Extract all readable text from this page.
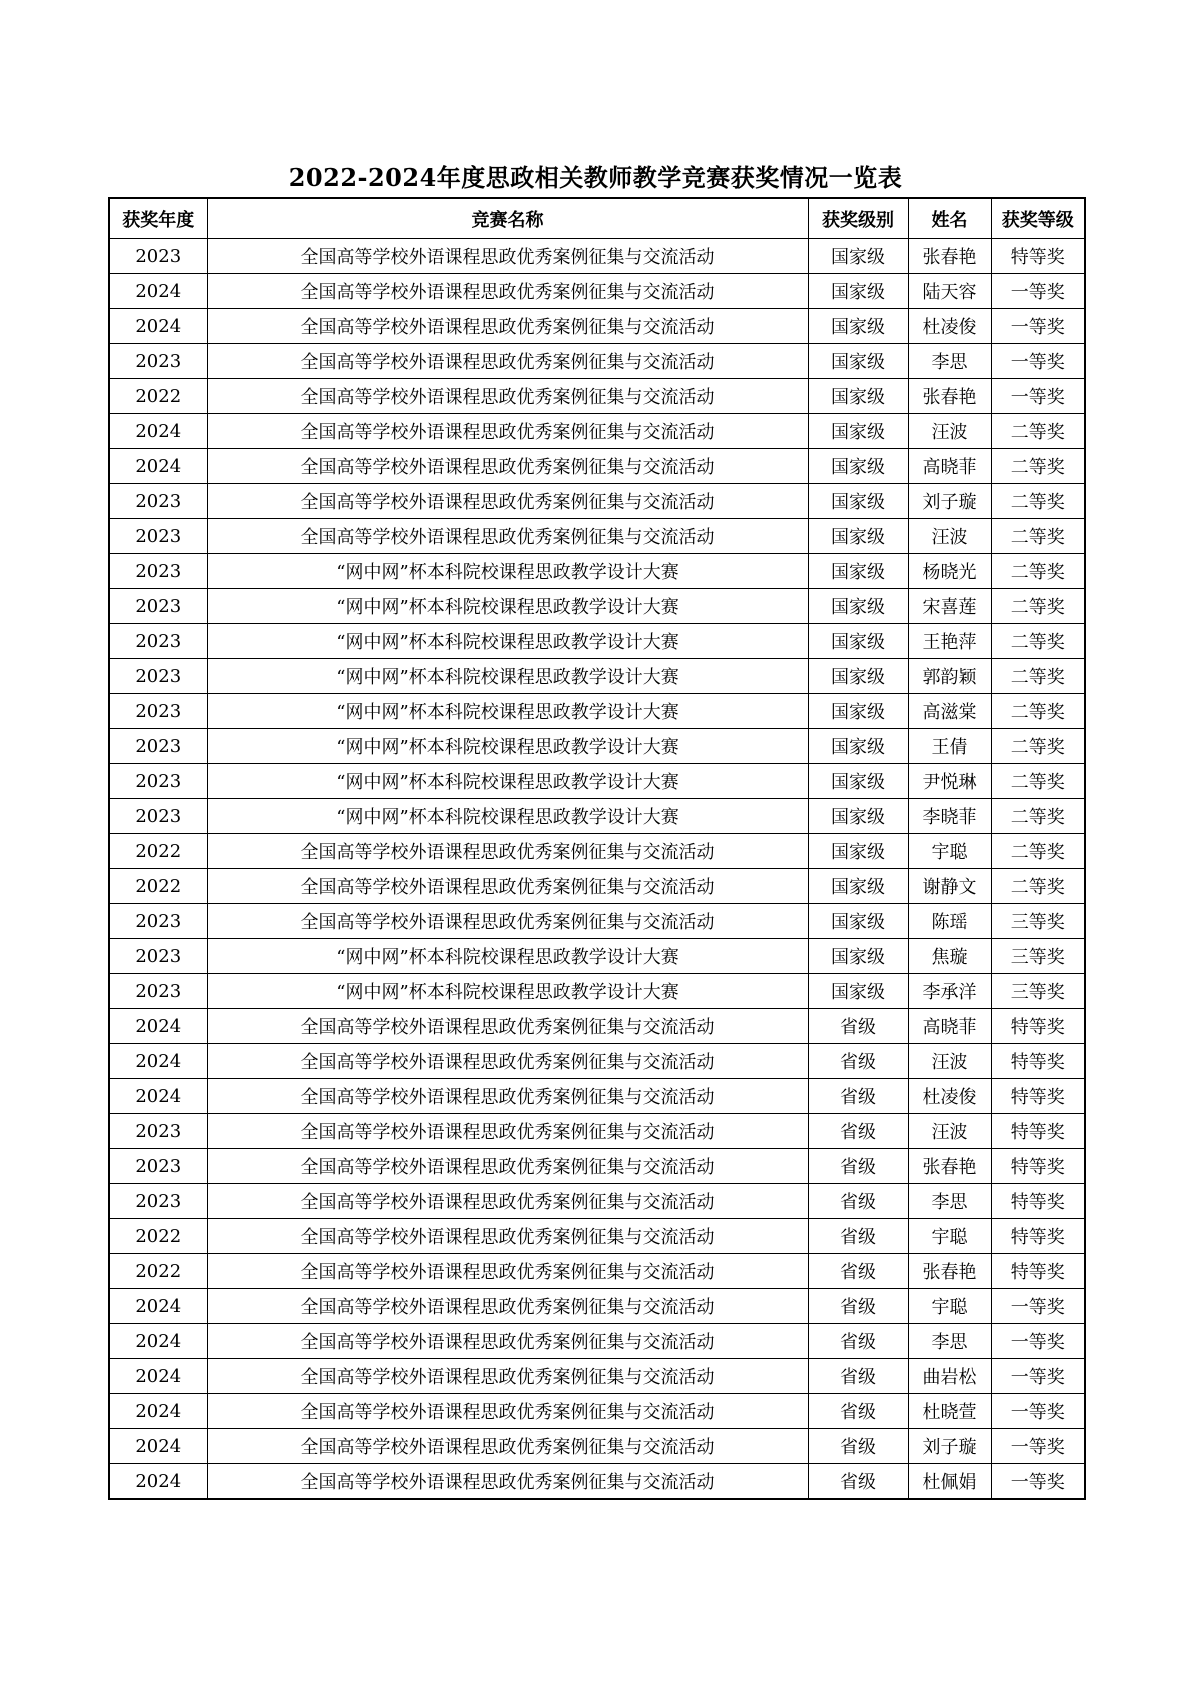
2022-2024年度思政相关教师教学竞赛获奖情况一览表
获奖年度	竞赛名称	获奖级别	姓名	获奖等级
2023	全国高等学校外语课程思政优秀案例征集与交流活动	国家级	张春艳	特等奖
2024	全国高等学校外语课程思政优秀案例征集与交流活动	国家级	陆天容	一等奖
2024	全国高等学校外语课程思政优秀案例征集与交流活动	国家级	杜凌俊	一等奖
2023	全国高等学校外语课程思政优秀案例征集与交流活动	国家级	李思	一等奖
2022	全国高等学校外语课程思政优秀案例征集与交流活动	国家级	张春艳	一等奖
2024	全国高等学校外语课程思政优秀案例征集与交流活动	国家级	汪波	二等奖
2024	全国高等学校外语课程思政优秀案例征集与交流活动	国家级	高晓菲	二等奖
2023	全国高等学校外语课程思政优秀案例征集与交流活动	国家级	刘子璇	二等奖
2023	全国高等学校外语课程思政优秀案例征集与交流活动	国家级	汪波	二等奖
2023	“网中网”杯本科院校课程思政教学设计大赛	国家级	杨晓光	二等奖
2023	“网中网”杯本科院校课程思政教学设计大赛	国家级	宋喜莲	二等奖
2023	“网中网”杯本科院校课程思政教学设计大赛	国家级	王艳萍	二等奖
2023	“网中网”杯本科院校课程思政教学设计大赛	国家级	郭韵颖	二等奖
2023	“网中网”杯本科院校课程思政教学设计大赛	国家级	高滋棠	二等奖
2023	“网中网”杯本科院校课程思政教学设计大赛	国家级	王倩	二等奖
2023	“网中网”杯本科院校课程思政教学设计大赛	国家级	尹悦琳	二等奖
2023	“网中网”杯本科院校课程思政教学设计大赛	国家级	李晓菲	二等奖
2022	全国高等学校外语课程思政优秀案例征集与交流活动	国家级	宇聪	二等奖
2022	全国高等学校外语课程思政优秀案例征集与交流活动	国家级	谢静文	二等奖
2023	全国高等学校外语课程思政优秀案例征集与交流活动	国家级	陈瑶	三等奖
2023	“网中网”杯本科院校课程思政教学设计大赛	国家级	焦璇	三等奖
2023	“网中网”杯本科院校课程思政教学设计大赛	国家级	李承洋	三等奖
2024	全国高等学校外语课程思政优秀案例征集与交流活动	省级	高晓菲	特等奖
2024	全国高等学校外语课程思政优秀案例征集与交流活动	省级	汪波	特等奖
2024	全国高等学校外语课程思政优秀案例征集与交流活动	省级	杜凌俊	特等奖
2023	全国高等学校外语课程思政优秀案例征集与交流活动	省级	汪波	特等奖
2023	全国高等学校外语课程思政优秀案例征集与交流活动	省级	张春艳	特等奖
2023	全国高等学校外语课程思政优秀案例征集与交流活动	省级	李思	特等奖
2022	全国高等学校外语课程思政优秀案例征集与交流活动	省级	宇聪	特等奖
2022	全国高等学校外语课程思政优秀案例征集与交流活动	省级	张春艳	特等奖
2024	全国高等学校外语课程思政优秀案例征集与交流活动	省级	宇聪	一等奖
2024	全国高等学校外语课程思政优秀案例征集与交流活动	省级	李思	一等奖
2024	全国高等学校外语课程思政优秀案例征集与交流活动	省级	曲岩松	一等奖
2024	全国高等学校外语课程思政优秀案例征集与交流活动	省级	杜晓萱	一等奖
2024	全国高等学校外语课程思政优秀案例征集与交流活动	省级	刘子璇	一等奖
2024	全国高等学校外语课程思政优秀案例征集与交流活动	省级	杜佩娟	一等奖
